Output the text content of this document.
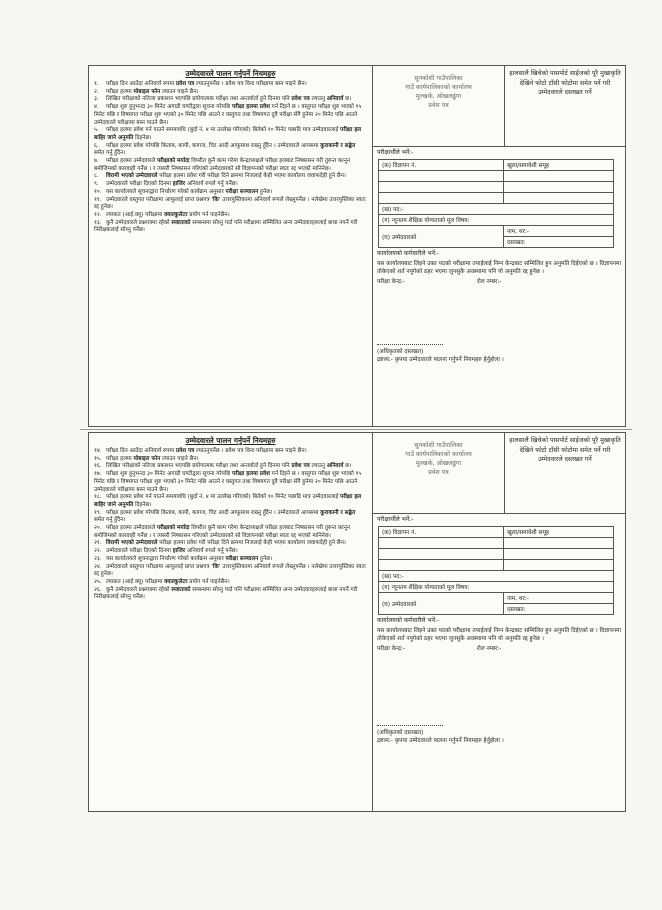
उम्मेदवारले पालन गर्नुपर्ने नियमहरु

१. परीक्षा दिन आउँदा अनिवार्य रुपमा प्रवेश पत्र ल्याउनुपर्नेछ । प्रवेश पत्र विना परीक्षामा बस्न पाइने छैन।

२. परीक्षा हलमा मोबाइल फोन ल्याउन पाइने छैन।

३. लिखित परीक्षाको नतिजा प्रकाशन भएपछि प्रयोगात्मक परीक्षा तथा अन्तर्वार्ता हुने दिनमा पनि प्रवेश पत्र ल्याउनु अनिवार्य छ।

४. परीक्षा शुरु हुनुभन्दा ३० मिनेट अगाडी घण्टीद्वारा सूचना गरेपछि परीक्षा हलमा प्रवेश गर्न दिइने छ । वस्तुगत परीक्षा शुरु भएको १५ मिनेट पछि र विषयगत परीक्षा शुरु भएको ३० मिनेट पछि आउने र वस्तुगत तथा विषयगत दुवै परीक्षा सँगै हुनेमा २० मिनेट पछि आउने उम्मेदवारले परीक्षामा बस्न पाउने छैन।

५. परीक्षा हलमा प्रवेश गर्न पाउने समयावधि (बुदाँ नं. ४ मा उल्लेख गरिएको) बितेको १० मिनेट पछाडि मात्र उम्मेदवारलाई परीक्षा हल बाहिर जाने अनुमति दिइनेछ।

६. परीक्षा हलमा प्रवेश गरेपछि किताब, कापी, कागज, चिट आदी आफूसाथ राख्नु हुँदैन । उम्मेदवारले आपसमा कुराकानी र सङ्केत समेत गर्नु हुँदैन।

७. परीक्षा हलमा उम्मेदवारले परीक्षाको मर्यादा विपरीत कुनै काम गरेमा केन्द्राध्यक्षले परीक्षा हलबाट निष्कासन गरी तुरुन्त कानून बमोजिमको कारवाही गर्नेछ । र त्यसरी निष्कासन गरिएको उम्मेदवारको सो विज्ञापनको परीक्षा स्वतः रद्द भएको मानिनेछ।

८. विरामी भएको उम्मेदवारले परीक्षा हलमा प्रवेश गरी परीक्षा दिने क्रममा निजलाई केही भएमा कार्यालय जवाफदेही हुने छैन।

९. उम्मेदवारले परीक्षा दिएको दिनमा हाजिर अनिवार्य रुपले गर्नु पर्नेछ।

१०. यस कार्यालयले सूचनाद्वारा निर्धारण गरेको कार्यक्रम अनुसार परीक्षा सञ्चालन हुनेछ।

११. उम्मेदवारले वस्तुगत परीक्षामा आफूलाई प्राप्त प्रश्नपत्र 'कि' उत्तरपुस्तिकामा अनिवार्य रूपले लेख्नुपर्नेछ । नलेखेमा उत्तरपुस्तिका स्वतः रद्द हुनेछ।

१२. ल्याकत (आई.क्यू) परीक्षामा क्याल्कुलेटर प्रयोग गर्न पाइनेछैन।

१३. कुनै उम्मेदवारले प्रश्नपत्रमा रहेको स्पष्टताको सम्बन्धमा सोध्नु पर्दा पनि परीक्षामा सम्मिलित अन्य उम्मेदवारहरुलाई बाधा नपर्ने गरी निरीक्षकलाई सोध्नु पर्नेछ।

सुनकोशी गाउँपालिका
गाउँ कार्यपालिकाको कार्यालय
मुल्खर्क, ओखलढुंगा
प्रवेश पत्र
हालसालै खिचेको पासपोर्ट साईजको पूरै मुखाकृति देखिने फोटो टाँसी फोटोमा समेत पर्ने गरी उम्मेदवारले दस्तखत गर्ने
परीक्षार्थीले भर्ने:-
(क) विज्ञापन नं.	खुला/समावेशी समूह

(ख) पद:-	
(ग) न्यूनतम शैक्षिक योग्यताको मूल विषय:	
(घ) उम्मेदवारको	नाम, थर:-
	दस्तखत:
कार्यालयको कर्मचारीले भर्ने:-
यस कार्यालयबाट लिइने उक्त पदको परीक्षामा तपाईलाई निम्न केन्द्रबाट सम्मिलित हुन अनुमति दिईएको छ । विज्ञापनमा तोकेएको शर्त नपुगेको ठहर भएमा जुनसुकै अवस्थामा पनि यो अनुमति रद्द हुनेछ ।
परीक्षा केन्द्र:-	रोल नम्बर:-
(अधिकृतको दस्तखत)
द्रष्टव्य:- कृपया उम्मेदवारले पालना गर्नुपर्ने नियमहरु हेर्नुहोला ।
उम्मेदवारले पालन गर्नुपर्ने नियमहरु

१४. परीक्षा दिन आउँदा अनिवार्य रुपमा प्रवेश पत्र ल्याउनुपर्नेछ । प्रवेश पत्र विना परीक्षामा बस्न पाइने छैन।

१५. परीक्षा हलमा मोबाइल फोन ल्याउन पाइने छैन।

१६. लिखित परीक्षाको नतिजा प्रकाशन भएपछि प्रयोगात्मक परीक्षा तथा अन्तर्वार्ता हुने दिनमा पनि प्रवेश पत्र ल्याउनु अनिवार्य छ।

१७. परीक्षा शुरु हुनुभन्दा ३० मिनेट अगाडी घण्टीद्वारा सूचना गरेपछि परीक्षा हलमा प्रवेश गर्न दिइने छ । वस्तुगत परीक्षा शुरु भएको १५ मिनेट पछि र विषयगत परीक्षा शुरु भएको ३० मिनेट पछि आउने र वस्तुगत तथा विषयगत दुवै परीक्षा सँगै हुनेमा २० मिनेट पछि आउने उम्मेदवारले परीक्षामा बस्न पाउने छैन।

१८. परीक्षा हलमा प्रवेश गर्न पाउने समयावधि (बुदाँ नं. ४ मा उल्लेख गरिएको) बितेको १० मिनेट पछाडि मात्र उम्मेदवारलाई परीक्षा हल बाहिर जाने अनुमति दिइनेछ।

१९. परीक्षा हलमा प्रवेश गरेपछि किताब, कापी, कागज, चिट आदी आफूसाथ राख्नु हुँदैन । उम्मेदवारले आपसमा कुराकानी र सङ्केत समेत गर्नु हुँदैन।

२०. परीक्षा हलमा उम्मेदवारले परीक्षाको मर्यादा विपरीत कुनै काम गरेमा केन्द्राध्यक्षले परीक्षा हलबाट निष्कासन गरी तुरुन्त कानून बमोजिमको कारवाही गर्नेछ । र त्यसरी निष्कासन गरिएको उम्मेदवारको सो विज्ञापनको परीक्षा स्वतः रद्द भएको मानिनेछ।

२१. विरामी भएको उम्मेदवारले परीक्षा हलमा प्रवेश गरी परीक्षा दिने क्रममा निजलाई केही भएमा कार्यालय जवाफदेही हुने छैन।

२२. उम्मेदवारले परीक्षा दिएको दिनमा हाजिर अनिवार्य रुपले गर्नु पर्नेछ।

२३. यस कार्यालयले सूचनाद्वारा निर्धारण गरेको कार्यक्रम अनुसार परीक्षा सञ्चालन हुनेछ।

२४. उम्मेदवारले वस्तुगत परीक्षामा आफूलाई प्राप्त प्रश्नपत्र 'कि' उत्तरपुस्तिकामा अनिवार्य रूपले लेख्नुपर्नेछ । नलेखेमा उत्तरपुस्तिका स्वतः रद्द हुनेछ।

२५. ल्याकत (आई.क्यू) परीक्षामा क्याल्कुलेटर प्रयोग गर्न पाइनेछैन।

२६. कुनै उम्मेदवारले प्रश्नपत्रमा रहेको स्पष्टताको सम्बन्धमा सोध्नु पर्दा पनि परीक्षामा सम्मिलित अन्य उम्मेदवारहरुलाई बाधा नपर्ने गरी निरीक्षकलाई सोध्नु पर्नेछ।

सुनकोशी गाउँपालिका
गाउँ कार्यपालिकाको कार्यालय
मुल्खर्क, ओखलढुंगा
प्रवेश पत्र
हालसालै खिचेको पासपोर्ट साईजको पूरै मुखाकृति देखिने फोटो टाँसी फोटोमा समेत पर्ने गरी उम्मेदवारले दस्तखत गर्ने
परीक्षार्थीले भर्ने:-
(क) विज्ञापन नं.	खुला/समावेशी समूह

(ख) पद:-	
(ग) न्यूनतम शैक्षिक योग्यताको मूल विषय:	
(घ) उम्मेदवारको	नाम, थर:-
	दस्तखत:
कार्यालयको कर्मचारीले भर्ने:-
यस कार्यालयबाट लिइने उक्त पदको परीक्षामा तपाईलाई निम्न केन्द्रबाट सम्मिलित हुन अनुमति दिईएको छ । विज्ञापनमा तोकेएको शर्त नपुगेको ठहर भएमा जुनसुकै अवस्थामा पनि यो अनुमति रद्द हुनेछ ।
परीक्षा केन्द्र:-	रोल नम्बर:-
(अधिकृतको दस्तखत)
द्रष्टव्य:- कृपया उम्मेदवारले पालना गर्नुपर्ने नियमहरु हेर्नुहोला ।
